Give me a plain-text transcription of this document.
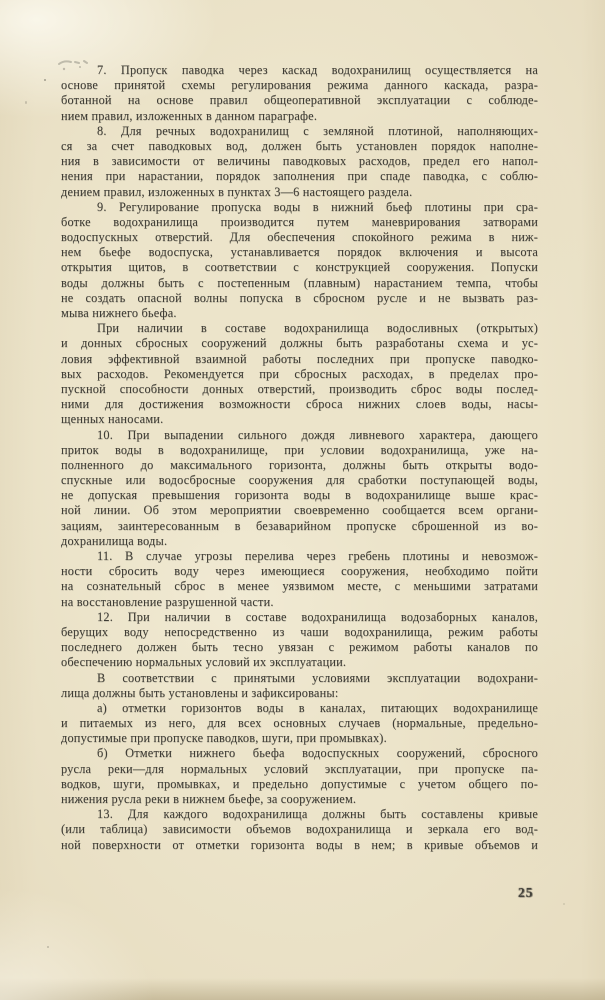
7. Пропуск паводка через каскад водохранилищ осуществляется на
основе принятой схемы регулирования режима данного каскада, разра-
ботанной на основе правил общеоперативной эксплуатации с соблюде-
нием правил, изложенных в данном параграфе.
8. Для речных водохранилищ с земляной плотиной, наполняющих-
ся за счет паводковых вод, должен быть установлен порядок наполне-
ния в зависимости от величины паводковых расходов, предел его напол-
нения при нарастании, порядок заполнения при спаде паводка, с соблю-
дением правил, изложенных в пунктах 3—6 настоящего раздела.
9. Регулирование пропуска воды в нижний бьеф плотины при сра-
ботке водохранилища производится путем маневрирования затворами
водоспускных отверстий. Для обеспечения спокойного режима в ниж-
нем бьефе водоспуска, устанавливается порядок включения и высота
открытия щитов, в соответствии с конструкцией сооружения. Попуски
воды должны быть с постепенным (плавным) нарастанием темпа, чтобы
не создать опасной волны попуска в сбросном русле и не вызвать раз-
мыва нижнего бьефа.
При наличии в составе водохранилища водосливных (открытых)
и донных сбросных сооружений должны быть разработаны схема и ус-
ловия эффективной взаимной работы последних при пропуске паводко-
вых расходов. Рекомендуется при сбросных расходах, в пределах про-
пускной способности донных отверстий, производить сброс воды послед-
ними для достижения возможности сброса нижних слоев воды, насы-
щенных наносами.
10. При выпадении сильного дождя ливневого характера, дающего
приток воды в водохранилище, при условии водохранилища, уже на-
полненного до максимального горизонта, должны быть открыты водо-
спускные или водосбросные сооружения для сработки поступающей воды,
не допуская превышения горизонта воды в водохранилище выше крас-
ной линии. Об этом мероприятии своевременно сообщается всем органи-
зациям, заинтересованным в безаварийном пропуске сброшенной из во-
дохранилища воды.
11. В случае угрозы перелива через гребень плотины и невозмож-
ности сбросить воду через имеющиеся сооружения, необходимо пойти
на сознательный сброс в менее уязвимом месте, с меньшими затратами
на восстановление разрушенной части.
12. При наличии в составе водохранилища водозаборных каналов,
берущих воду непосредственно из чаши водохранилища, режим работы
последнего должен быть тесно увязан с режимом работы каналов по
обеспечению нормальных условий их эксплуатации.
В соответствии с принятыми условиями эксплуатации водохрани-
лища должны быть установлены и зафиксированы:
а) отметки горизонтов воды в каналах, питающих водохранилище
и питаемых из него, для всех основных случаев (нормальные, предельно-
допустимые при пропуске паводков, шуги, при промывках).
б) Отметки нижнего бьефа водоспускных сооружений, сбросного
русла реки—для нормальных условий эксплуатации, при пропуске па-
водков, шуги, промывках, и предельно допустимые с учетом общего по-
нижения русла реки в нижнем бьефе, за сооружением.
13. Для каждого водохранилища должны быть составлены кривые
(или таблица) зависимости объемов водохранилища и зеркала его вод-
ной поверхности от отметки горизонта воды в нем; в кривые объемов и
25
